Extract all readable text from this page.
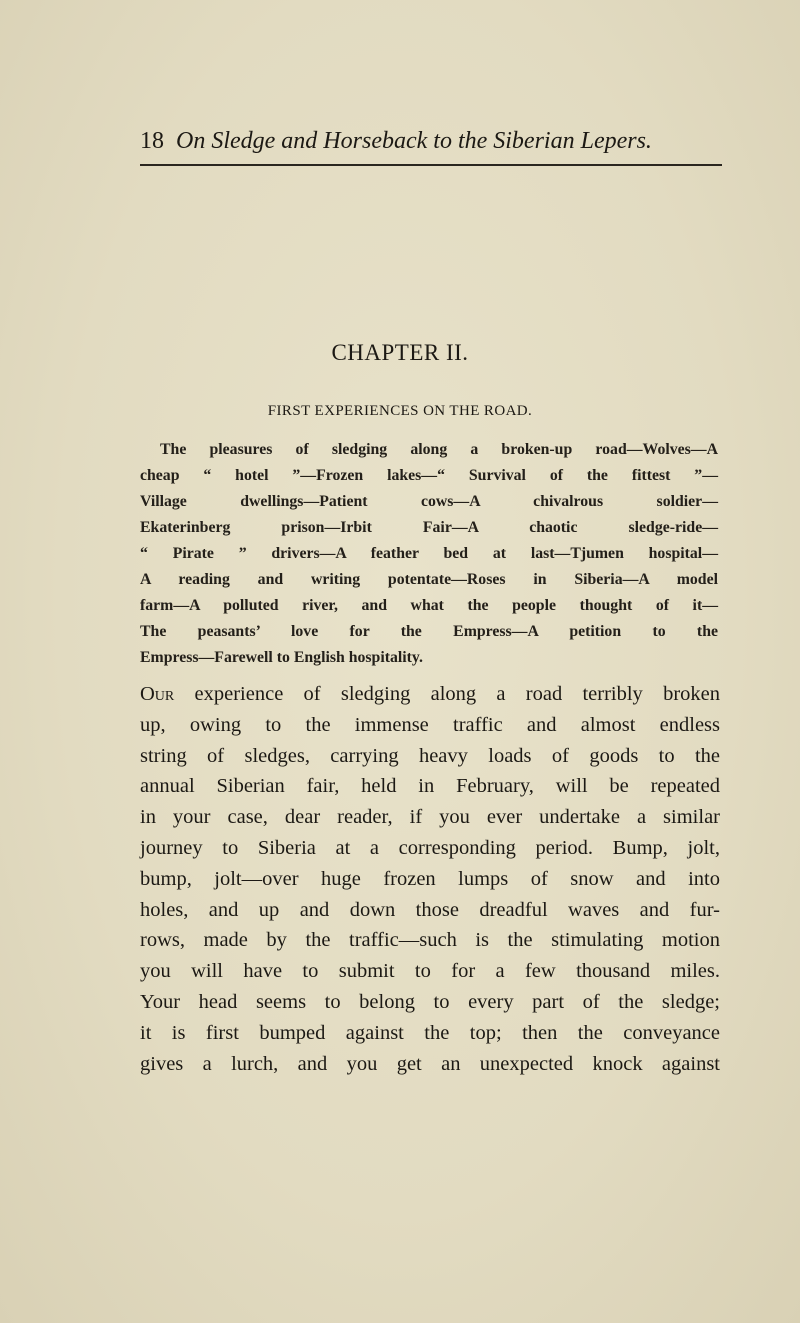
18 On Sledge and Horseback to the Siberian Lepers.
CHAPTER II.
FIRST EXPERIENCES ON THE ROAD.
The pleasures of sledging along a broken-up road—Wolves—A
cheap “ hotel ”—Frozen lakes—“ Survival of the fittest ”—
Village dwellings—Patient cows—A chivalrous soldier—
Ekaterinberg prison—Irbit Fair—A chaotic sledge-ride—
“ Pirate ” drivers—A feather bed at last—Tjumen hospital—
A reading and writing potentate—Roses in Siberia—A model
farm—A polluted river, and what the people thought of it—
The peasants’ love for the Empress—A petition to the
Empress—Farewell to English hospitality.
Our experience of sledging along a road terribly broken
up, owing to the immense traffic and almost endless
string of sledges, carrying heavy loads of goods to the
annual Siberian fair, held in February, will be repeated
in your case, dear reader, if you ever undertake a similar
journey to Siberia at a corresponding period. Bump, jolt,
bump, jolt—over huge frozen lumps of snow and into
holes, and up and down those dreadful waves and fur-
rows, made by the traffic—such is the stimulating motion
you will have to submit to for a few thousand miles.
Your head seems to belong to every part of the sledge;
it is first bumped against the top; then the conveyance
gives a lurch, and you get an unexpected knock against
